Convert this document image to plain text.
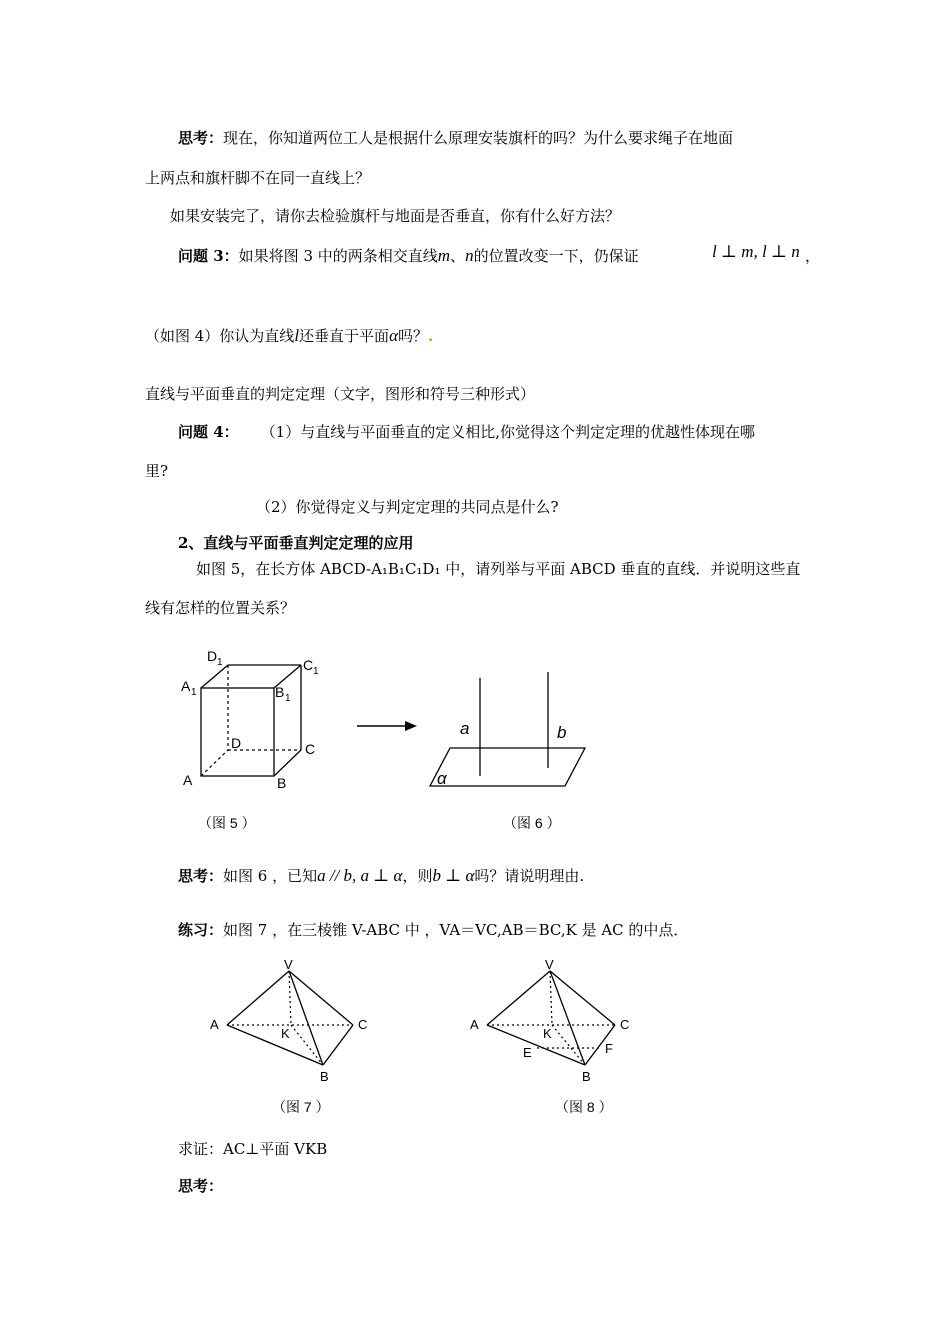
思考：现在，你知道两位工人是根据什么原理安装旗杆的吗？为什么要求绳子在地面
上两点和旗杆脚不在同一直线上？
如果安装完了，请你去检验旗杆与地面是否垂直，你有什么好方法？
问题 3：如果将图 3 中的两条相交直线m、n的位置改变一下，仍保证	l ⊥ m, l ⊥ n ，
（如图 4）你认为直线l还垂直于平面α吗？.
直线与平面垂直的判定定理（文字，图形和符号三种形式）
问题 4： （1）与直线与平面垂直的定义相比,你觉得这个判定定理的优越性体现在哪
里?
（2）你觉得定义与判定定理的共同点是什么?
2、直线与平面垂直判定定理的应用
如图 5，在长方体 ABCD-A₁B₁C₁D₁ 中，请列举与平面 ABCD 垂直的直线．并说明这些直
线有怎样的位置关系？
A	B
C
D
A 1	B 1
C 1
D 1
a	b
α
（图 5 ）	（图 6 ）
思考：如图 6 ，已知a // b, a ⊥ α，则b ⊥ α吗？请说明理由.
练习：如图 7 ，在三棱锥 V-ABC 中 ，VA＝VC,AB＝BC,K 是 AC 的中点．
V
A	C
K
B
V
A	C
K
B
E	F
（图 7 ）	（图 8 ）
求证：AC⊥平面 VKB
思考：
